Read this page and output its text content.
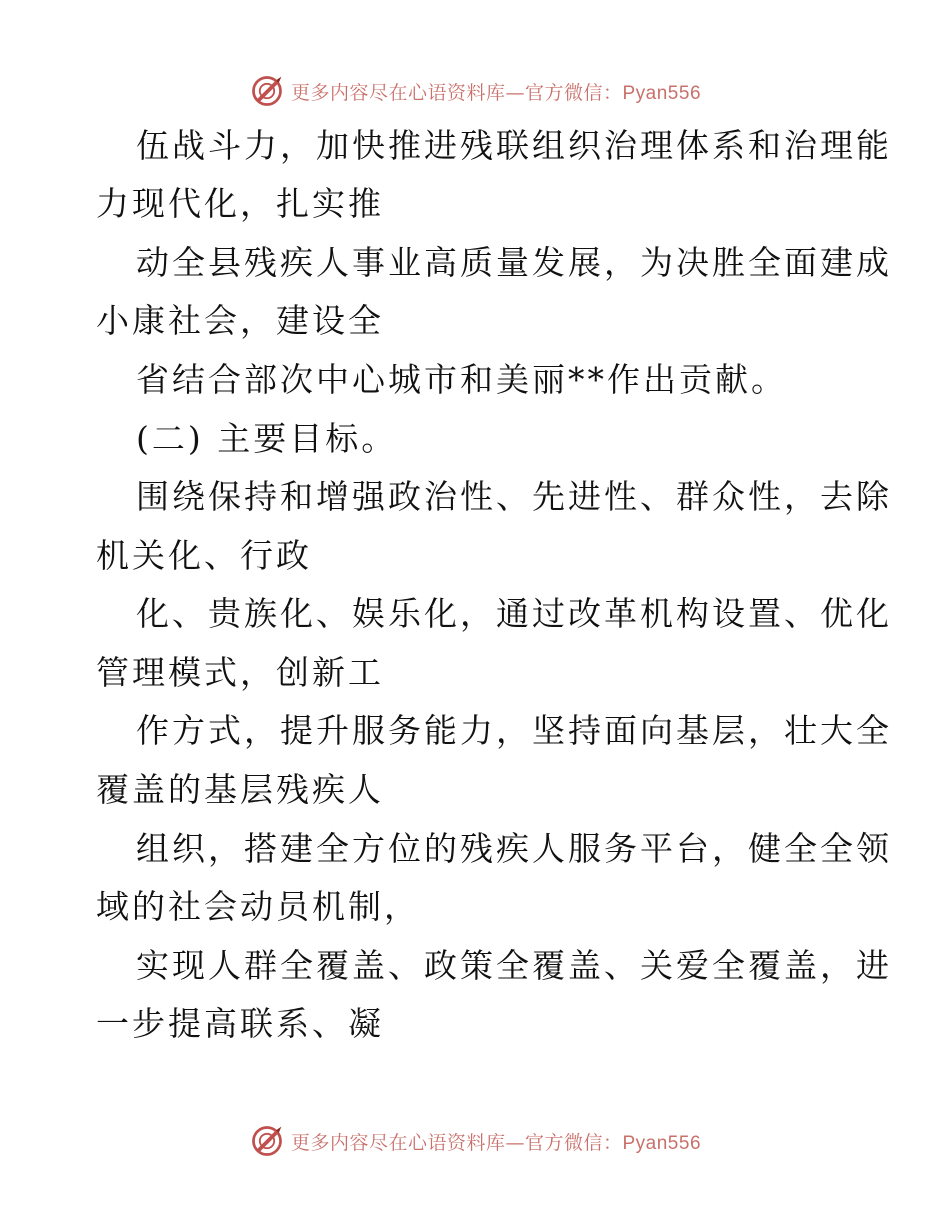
更多内容尽在心语资料库—官方微信：Pyan556
伍战斗力，加快推进残联组织治理体系和治理能
力现代化，扎实推
动全县残疾人事业高质量发展，为决胜全面建成
小康社会，建设全
省结合部次中心城市和美丽**作出贡献。
(二) 主要目标。
围绕保持和增强政治性、先进性、群众性，去除
机关化、行政
化、贵族化、娱乐化，通过改革机构设置、优化
管理模式，创新工
作方式，提升服务能力，坚持面向基层，壮大全
覆盖的基层残疾人
组织，搭建全方位的残疾人服务平台，健全全领
域的社会动员机制，
实现人群全覆盖、政策全覆盖、关爱全覆盖，进
一步提高联系、凝
更多内容尽在心语资料库—官方微信：Pyan556
